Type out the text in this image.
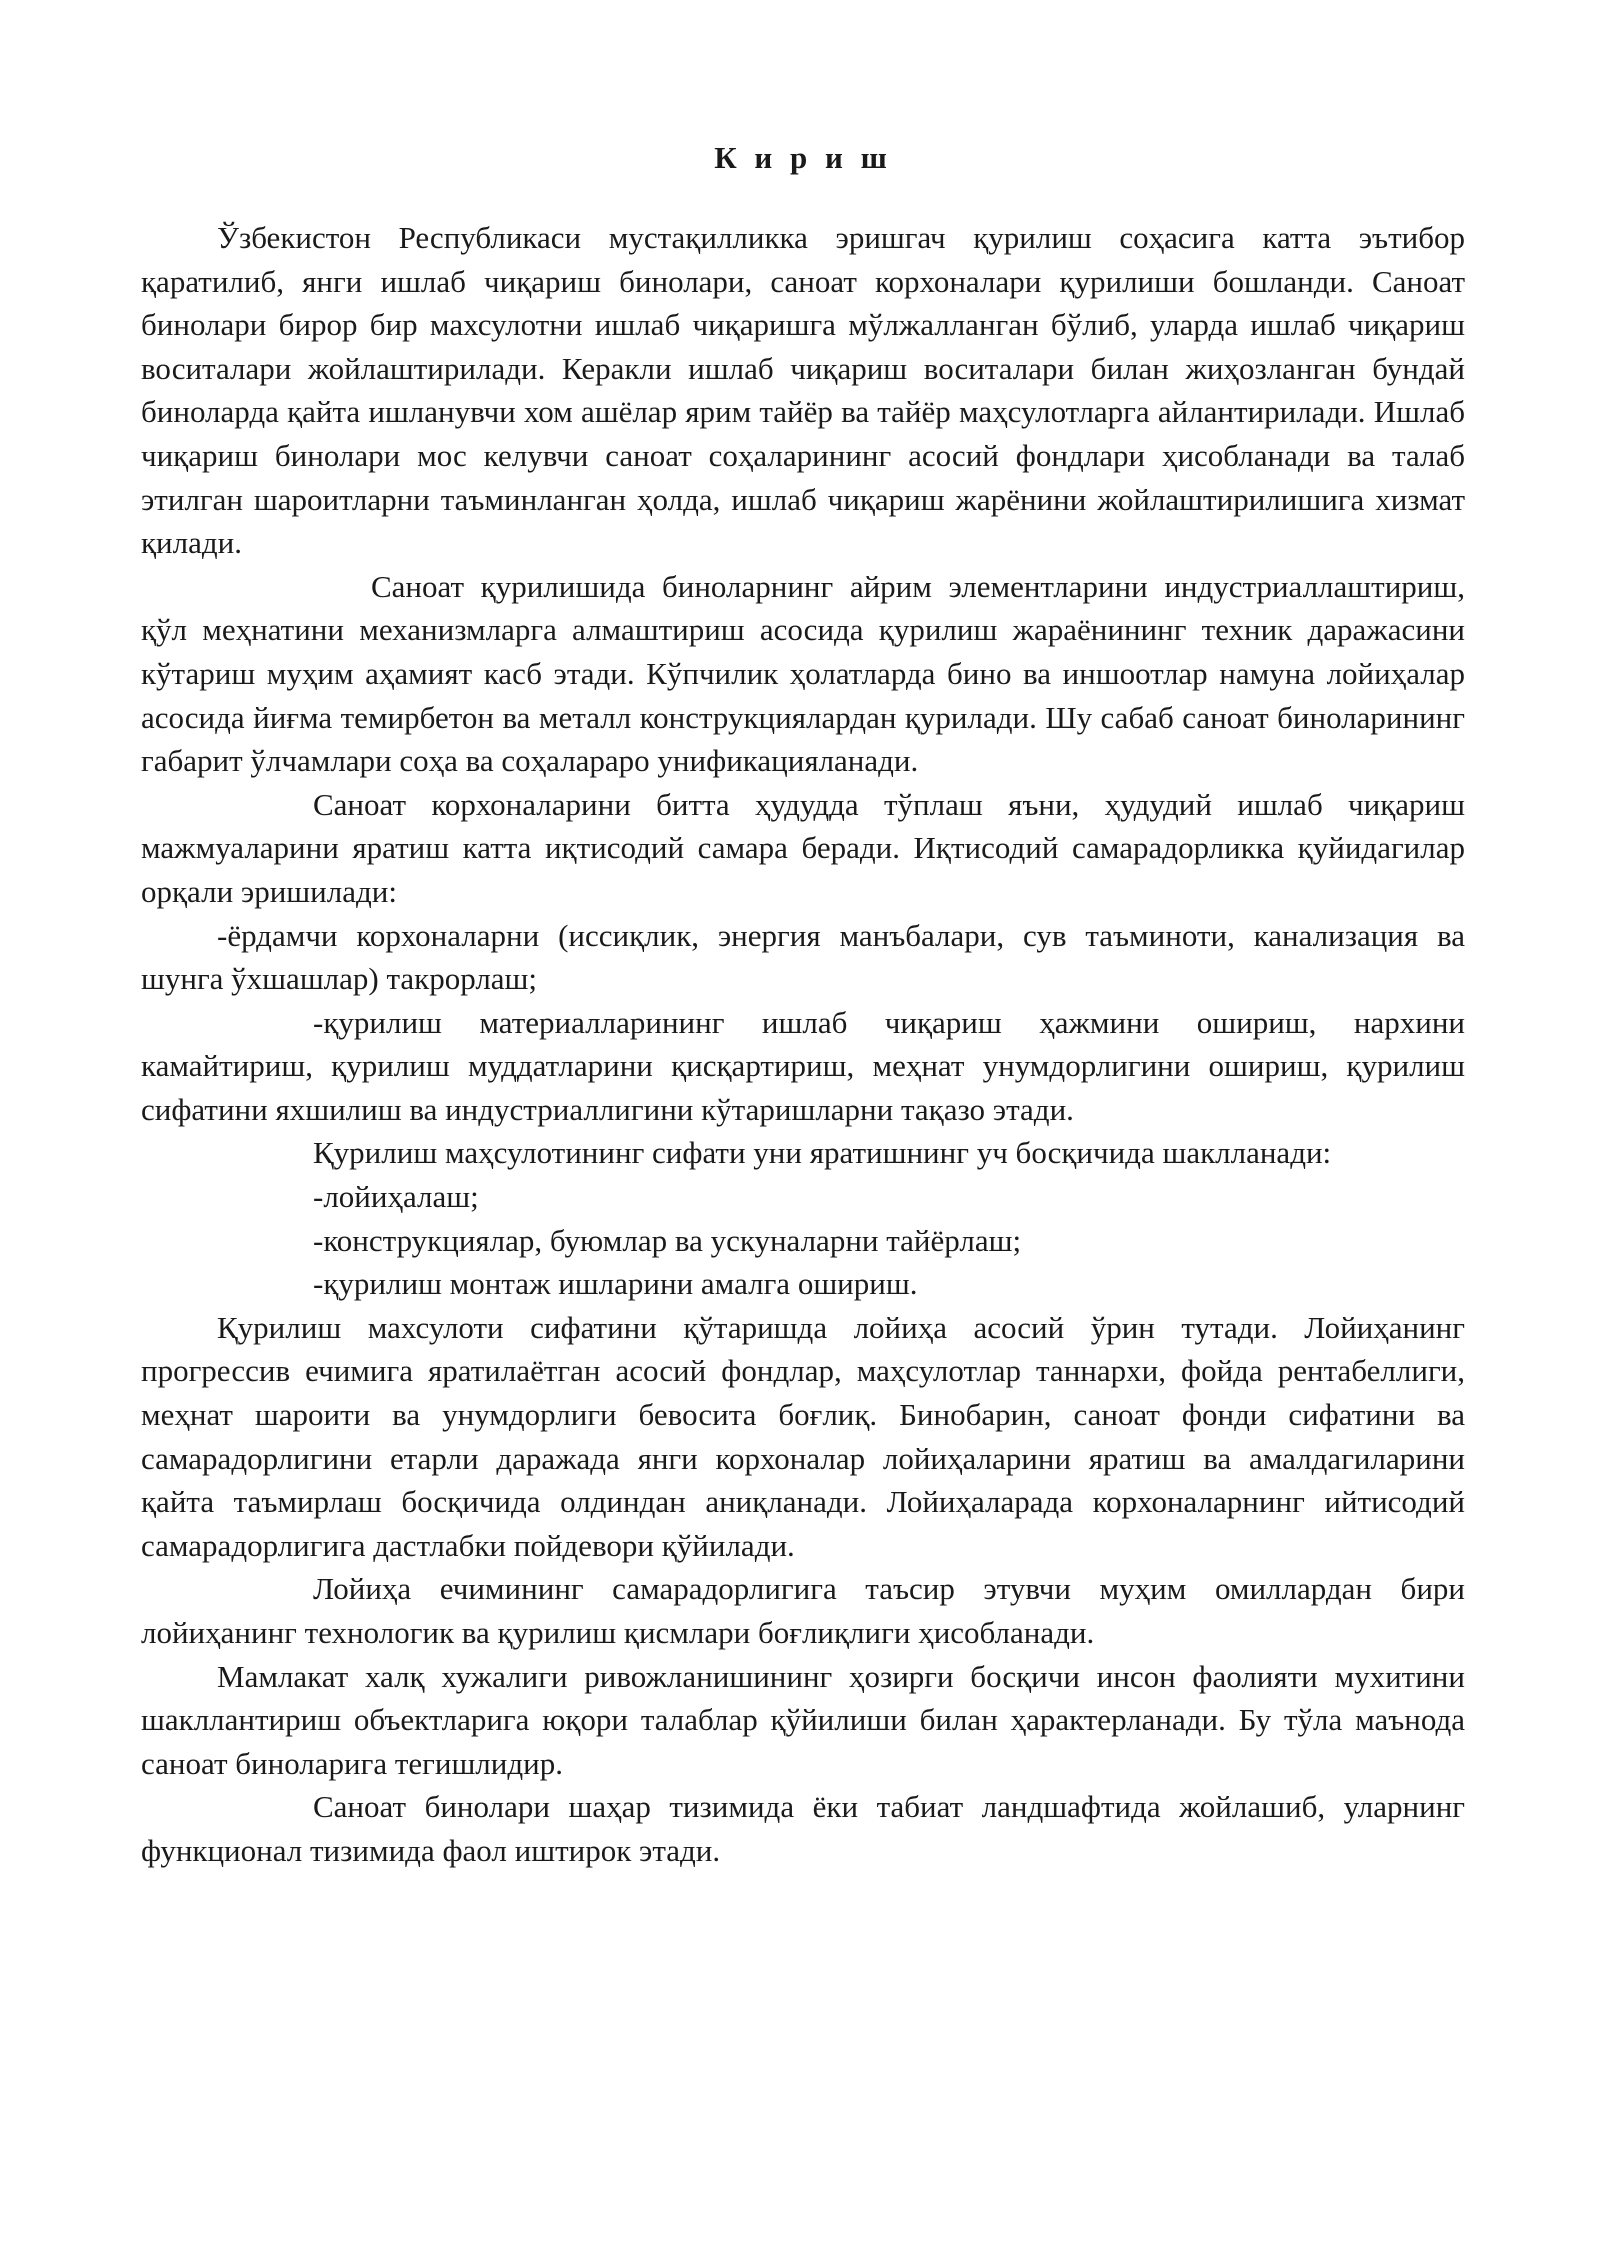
К и р и ш

Ўзбекистон Республикаси мустақилликка эришгач қурилиш соҳасига катта эътибор қаратилиб, янги ишлаб чиқариш бинолари, саноат корхоналари қурилиши бошланди. Саноат бинолари бирор бир махсулотни ишлаб чиқаришга мўлжалланган бўлиб, уларда ишлаб чиқариш воситалари жойлаштирилади. Керакли ишлаб чиқариш воситалари билан жиҳозланган бундай биноларда қайта ишланувчи хом ашёлар ярим тайёр ва тайёр маҳсулотларга айлантирилади. Ишлаб чиқариш бинолари мос келувчи саноат соҳаларининг асосий фондлари ҳисобланади ва талаб этилган шароитларни таъминланган ҳолда, ишлаб чиқариш жарёнини жойлаштирилишига хизмат қилади.

Саноат қурилишида биноларнинг айрим элементларини индустриаллаштириш, қўл меҳнатини механизмларга алмаштириш асосида қурилиш жараёнининг техник даражасини кўтариш муҳим аҳамият касб этади. Кўпчилик ҳолатларда бино ва иншоотлар намуна лойиҳалар асосида йиғма темирбетон ва металл конструкциялардан қурилади. Шу сабаб саноат биноларининг габарит ўлчамлари соҳа ва соҳалараро унификацияланади.

Саноат корхоналарини битта ҳудудда тўплаш яъни, ҳудудий ишлаб чиқариш мажмуаларини яратиш катта иқтисодий самара беради. Иқтисодий самарадорликка қуйидагилар орқали эришилади:

-ёрдамчи корхоналарни (иссиқлик, энергия манъбалари, сув таъминоти, канализация ва шунга ўхшашлар) такрорлаш;

-қурилиш материалларининг ишлаб чиқариш ҳажмини ошириш, нархини камайтириш, қурилиш муддатларини қисқартириш, меҳнат унумдорлигини ошириш, қурилиш сифатини яхшилиш ва индустриаллигини кўтаришларни тақазо этади.

Қурилиш маҳсулотининг сифати уни яратишнинг уч босқичида шаклланади:

-лойиҳалаш;
-конструкциялар, буюмлар ва ускуналарни тайёрлаш;
-қурилиш монтаж ишларини амалга ошириш.

Қурилиш махсулоти сифатини қўтаришда лойиҳа асосий ўрин тутади. Лойиҳанинг прогрессив ечимига яратилаётган асосий фондлар, маҳсулотлар таннархи, фойда рентабеллиги, меҳнат шароити ва унумдорлиги бевосита боғлиқ. Бинобарин, саноат фонди сифатини ва самарадорлигини етарли даражада янги корхоналар лойиҳаларини яратиш ва амалдагиларини қайта таъмирлаш босқичида олдиндан аниқланади. Лойиҳаларада корхоналарнинг ийтисодий самарадорлигига дастлабки пойдевори қўйилади.

Лойиҳа ечимининг самарадорлигига таъсир этувчи муҳим омиллардан бири лойиҳанинг технологик ва қурилиш қисмлари боғлиқлиги ҳисобланади.

Мамлакат халқ хужалиги ривожланишининг ҳозирги босқичи инсон фаолияти мухитини шакллантириш объектларига юқори талаблар қўйилиши билан ҳарактерланади. Бу тўла маънода саноат биноларига тегишлидир.

Саноат бинолари шаҳар тизимида ёки табиат ландшафтида жойлашиб, уларнинг функционал тизимида фаол иштирок этади.
